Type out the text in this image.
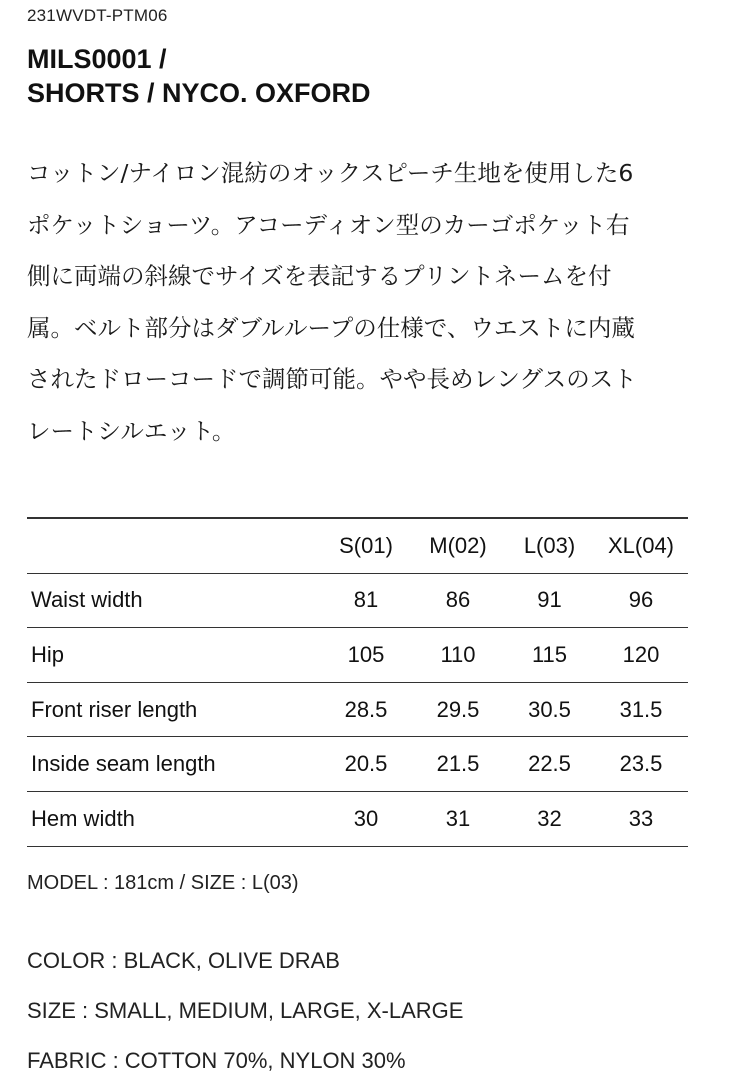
231WVDT-PTM06
MILS0001 /
SHORTS / NYCO. OXFORD
コットン/ナイロン混紡のオックスピーチ生地を使用した6
ポケットショーツ。アコーディオン型のカーゴポケット右
側に両端の斜線でサイズを表記するプリントネームを付
属。ベルト部分はダブルループの仕様で、ウエストに内蔵
されたドローコードで調節可能。やや長めレングスのスト
レートシルエット。
	S(01)	M(02)	L(03)	XL(04)
Waist width	81	86	91	96
Hip	105	110	115	120
Front riser length	28.5	29.5	30.5	31.5
Inside seam length	20.5	21.5	22.5	23.5
Hem width	30	31	32	33
MODEL : 181cm / SIZE : L(03)
COLOR : BLACK, OLIVE DRAB
SIZE : SMALL, MEDIUM, LARGE, X-LARGE
FABRIC : COTTON 70%, NYLON 30%
